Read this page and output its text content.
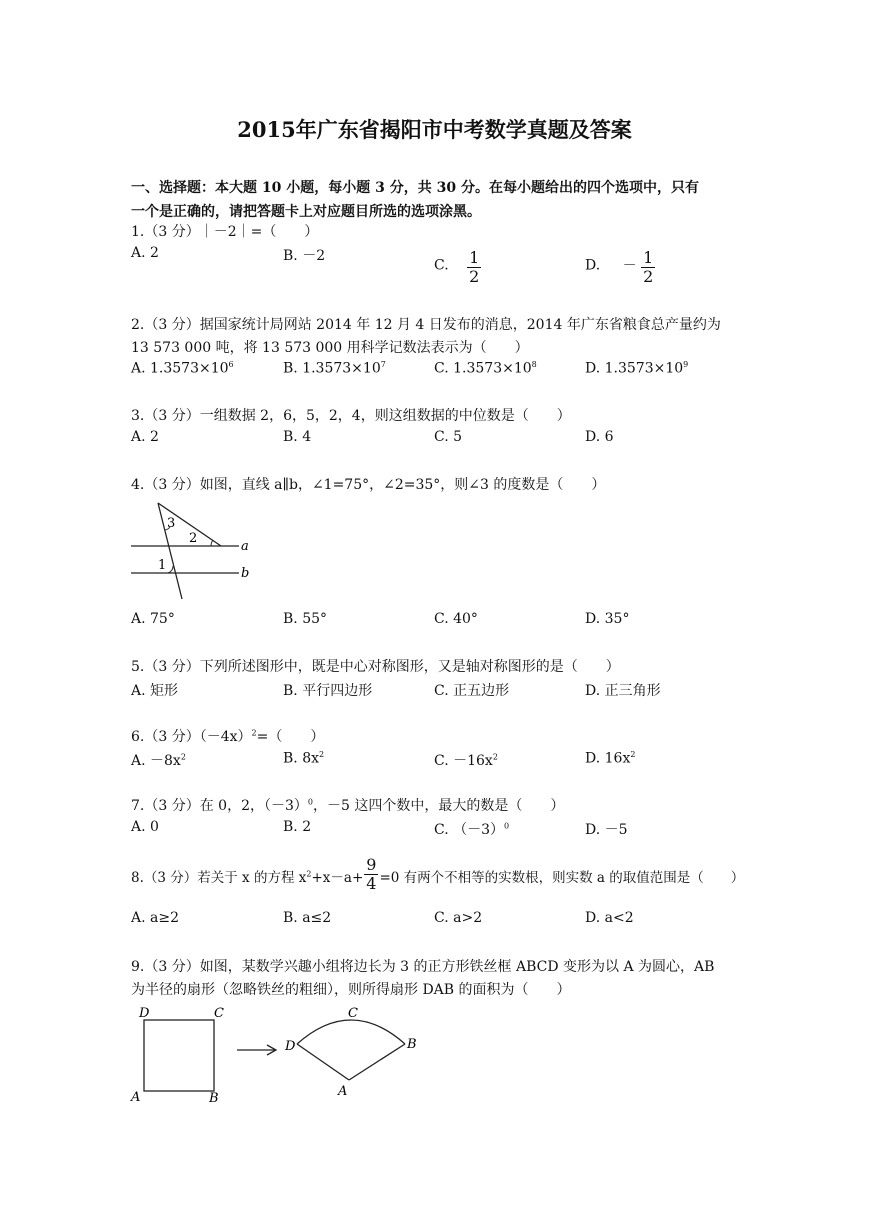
2015年广东省揭阳市中考数学真题及答案
一、选择题：本大题 10 小题，每小题 3 分，共 30 分。在每小题给出的四个选项中，只有
一个是正确的，请把答题卡上对应题目所选的选项涂黑。
1.（3 分）｜－2｜=（　　）
A. 2	B. －2
C. $\frac{1}{2}$	D. － $\frac{1}{2}$
2.（3 分）据国家统计局网站 2014 年 12 月 4 日发布的消息，2014 年广东省粮食总产量约为
13 573 000 吨，将 13 573 000 用科学记数法表示为（　　）
A. $1.3573\times 10^6$	B. $1.3573\times 10^7$	C. $1.3573\times 10^8$	D. $1.3573\times 10^9$
3.（3 分）一组数据 2，6，5，2，4，则这组数据的中位数是（　　）
A. 2	B. 4	C. 5	D. 6
4.（3 分）如图，直线 a∥b，∠1=75°，∠2=35°，则∠3 的度数是（　　）
3
2
1
a
b
A. 75°	B. 55°	C. 40°	D. 35°
5.（3 分）下列所述图形中，既是中心对称图形，又是轴对称图形的是（　　）
A. 矩形	B. 平行四边形	C. 正五边形	D. 正三角形
6.（3 分）$(-4x)^2=$（　　）
A. $-8x^2$	B. $8x^2$	C. $-16x^2$	D. $16x^2$
7.（3 分）在 0，2，$(-3)^0$，－5 这四个数中，最大的数是（　　）
A. 0	B. 2	C. $(-3)^0$	D. －5
8.（3 分）若关于 x 的方程 $x^2+x-a+ \frac{9}{4} =0$ 有两个不相等的实数根，则实数 a 的取值范围是（　　）
A. a≥2	B. a≤2	C. a>2	D. a<2
9.（3 分）如图，某数学兴趣小组将边长为 3 的正方形铁丝框 ABCD 变形为以 A 为圆心，AB
为半径的扇形（忽略铁丝的粗细），则所得扇形 DAB 的面积为（　　）
D	C
A	B
D
C
A
B
